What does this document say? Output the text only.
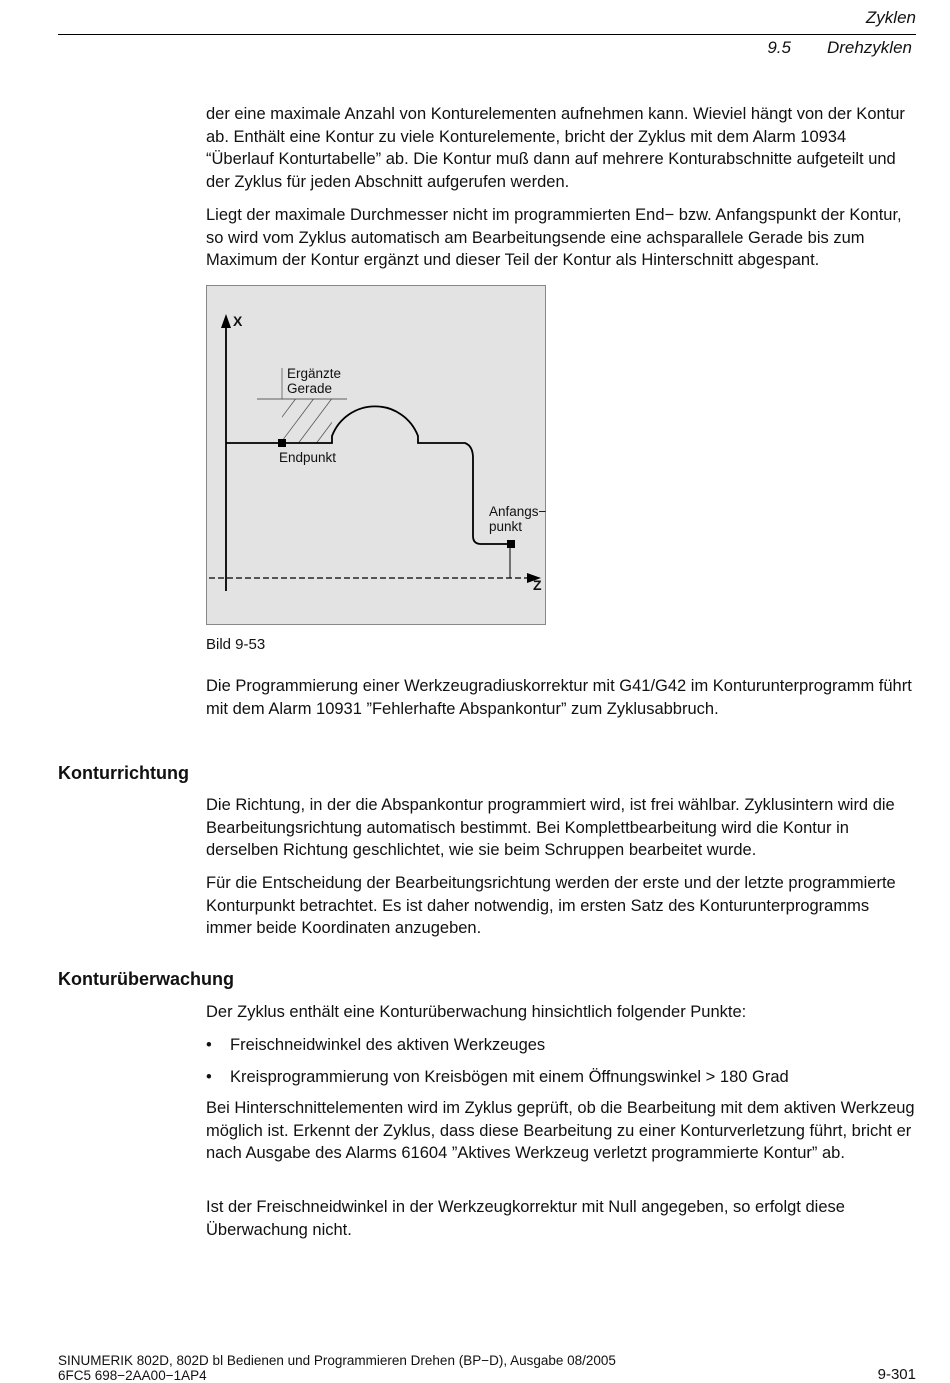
Zyklen
9.5 Drehzyklen

der eine maximale Anzahl von Konturelementen aufnehmen kann. Wieviel hängt von der Kontur ab. Enthält eine Kontur zu viele Konturelemente, bricht der Zyklus mit dem Alarm 10934 “Überlauf Konturtabelle” ab. Die Kontur muß dann auf mehrere Konturabschnitte aufgeteilt und der Zyklus für jeden Abschnitt aufgerufen werden.

Liegt der maximale Durchmesser nicht im programmierten End− bzw. Anfangspunkt der Kontur, so wird vom Zyklus automatisch am Bearbeitungsende eine achsparallele Gerade bis zum Maximum der Kontur ergänzt und dieser Teil der Kontur als Hinterschnitt abgespant.

X
Z
Ergänzte
Gerade
Endpunkt
Anfangs−
punkt
Bild 9-53

Die Programmierung einer Werkzeugradiuskorrektur mit G41/G42 im Konturunterprogramm führt mit dem Alarm 10931 ”Fehlerhafte Abspankontur” zum Zyklusabbruch.

Konturrichtung

Die Richtung, in der die Abspankontur programmiert wird, ist frei wählbar. Zyklusintern wird die Bearbeitungsrichtung automatisch bestimmt. Bei Komplettbearbeitung wird die Kontur in derselben Richtung geschlichtet, wie sie beim Schruppen bearbeitet wurde.

Für die Entscheidung der Bearbeitungsrichtung werden der erste und der letzte programmierte Konturpunkt betrachtet. Es ist daher notwendig, im ersten Satz des Konturunterprogramms immer beide Koordinaten anzugeben.

Konturüberwachung

Der Zyklus enthält eine Konturüberwachung hinsichtlich folgender Punkte:

• Freischneidwinkel des aktiven Werkzeuges
• Kreisprogrammierung von Kreisbögen mit einem Öffnungswinkel > 180 Grad

Bei Hinterschnittelementen wird im Zyklus geprüft, ob die Bearbeitung mit dem aktiven Werkzeug möglich ist. Erkennt der Zyklus, dass diese Bearbeitung zu einer Konturverletzung führt, bricht er nach Ausgabe des Alarms 61604 ”Aktives Werkzeug verletzt programmierte Kontur” ab.

Ist der Freischneidwinkel in der Werkzeugkorrektur mit Null angegeben, so erfolgt diese Überwachung nicht.

SINUMERIK 802D, 802D bl Bedienen und Programmieren Drehen (BP−D), Ausgabe 08/2005
6FC5 698−2AA00−1AP4	9-301
